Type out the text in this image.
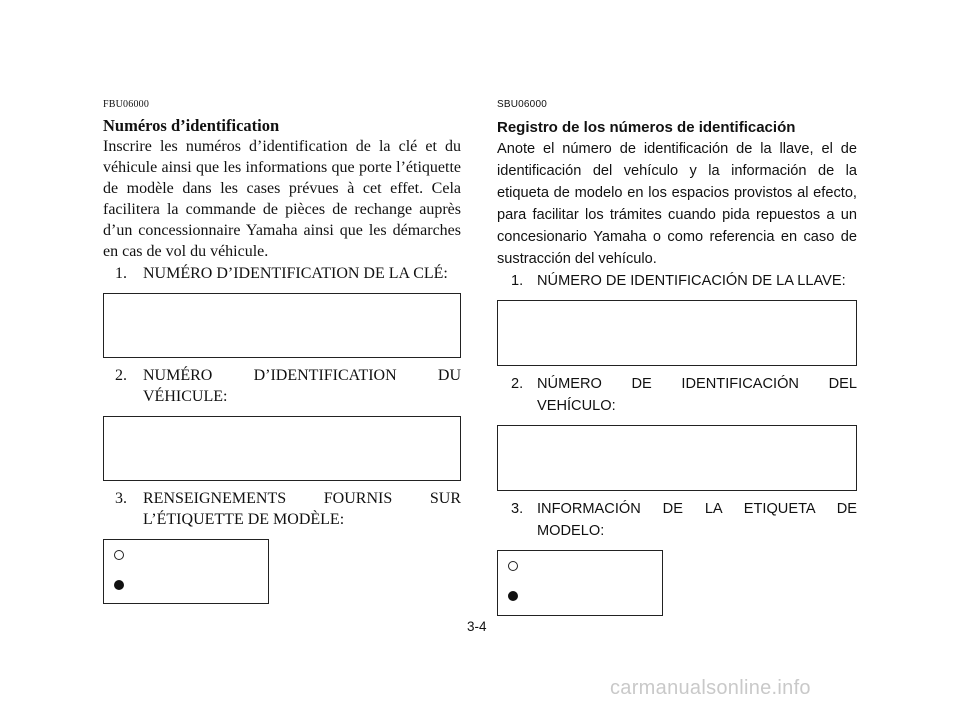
FBU06000
Numéros d’identification

Inscrire les numéros d’identification de la clé et du véhicule ainsi que les informations que porte l’étiquette de modèle dans les cases prévues à cet effet. Cela facilitera la commande de pièces de rechange auprès d’un concessionnaire Yamaha ainsi que les démarches en cas de vol du véhicule.

1. NUMÉRO D’IDENTIFICATION DE LA CLÉ:
2. NUMÉRO D’IDENTIFICATION DU VÉHICULE:
3. RENSEIGNEMENTS FOURNIS SUR L’ÉTIQUETTE DE MODÈLE:
SBU06000
Registro de los números de identificación

Anote el número de identificación de la llave, el de identificación del vehículo y la información de la etiqueta de modelo en los espacios provistos al efecto, para facilitar los trámites cuando pida repuestos a un concesionario Yamaha o como referencia en caso de sustracción del vehículo.

1. NÚMERO DE IDENTIFICACIÓN DE LA LLAVE:
2. NÚMERO DE IDENTIFICACIÓN DEL VEHÍCULO:
3. INFORMACIÓN DE LA ETIQUETA DE MODELO:
3-4
carmanualsonline.info
